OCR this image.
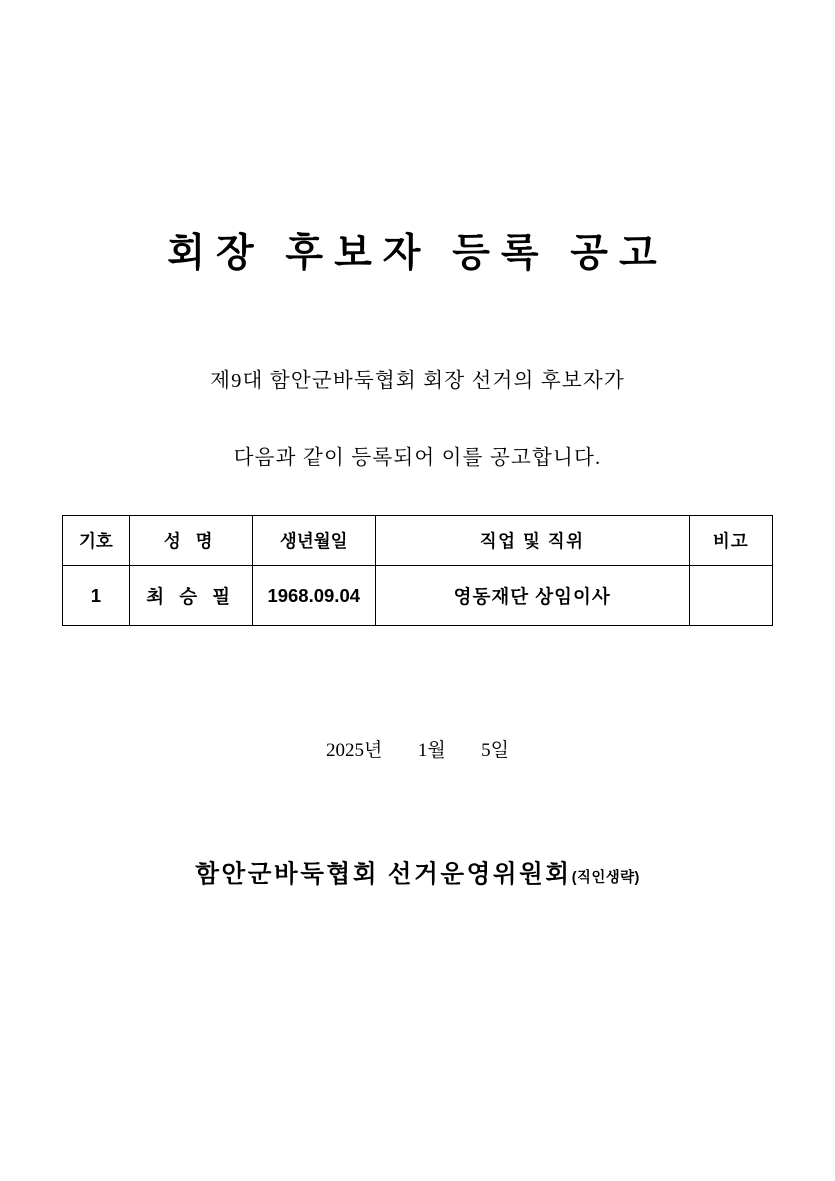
회장 후보자 등록 공고
제9대 함안군바둑협회 회장 선거의 후보자가
다음과 같이 등록되어 이를 공고합니다.
기호	성 명	생년월일	직업 및 직위	비고
1	최 승 필	1968.09.04	영동재단 상임이사	
2025년 1월 5일
함안군바둑협회 선거운영위원회(직인생략)
